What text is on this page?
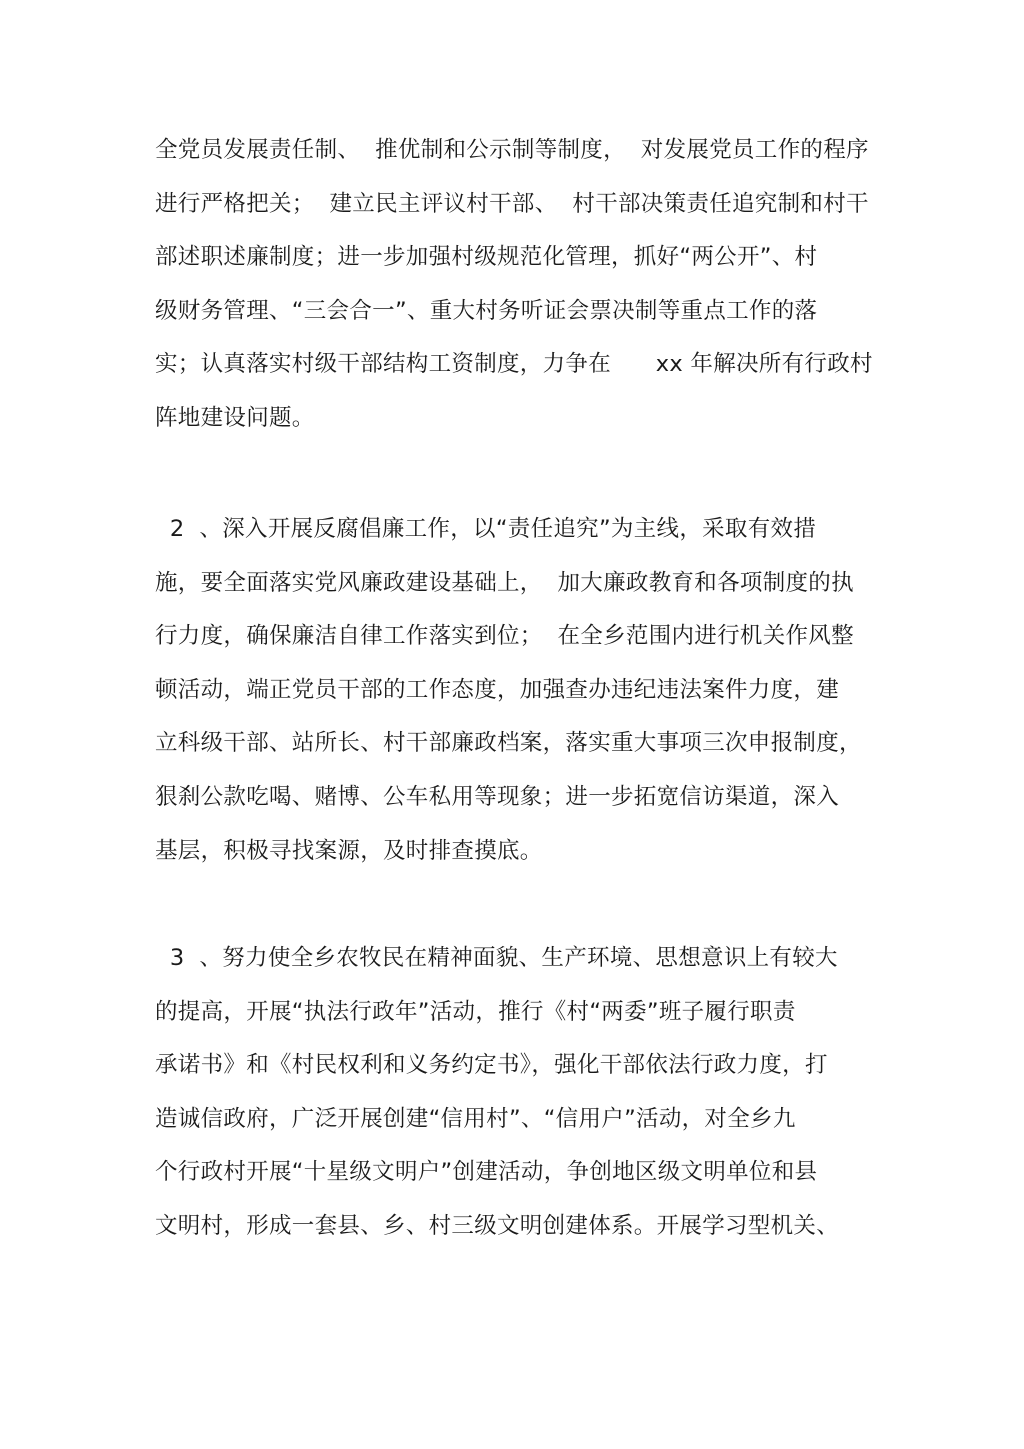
全党员发展责任制、  推优制和公示制等制度，  对发展党员工作的程序
进行严格把关；  建立民主评议村干部、  村干部决策责任追究制和村干
部述职述廉制度；进一步加强村级规范化管理，抓好“两公开”、村
级财务管理、“三会合一”、重大村务听证会票决制等重点工作的落
实；认真落实村级干部结构工资制度，力争在      xx 年解决所有行政村
阵地建设问题。
2  、深入开展反腐倡廉工作，以“责任追究”为主线，采取有效措
施，要全面落实党风廉政建设基础上，  加大廉政教育和各项制度的执
行力度，确保廉洁自律工作落实到位；  在全乡范围内进行机关作风整
顿活动，端正党员干部的工作态度，加强查办违纪违法案件力度，建
立科级干部、站所长、村干部廉政档案，落实重大事项三次申报制度，
狠刹公款吃喝、赌博、公车私用等现象；进一步拓宽信访渠道，深入
基层，积极寻找案源，及时排查摸底。
3  、努力使全乡农牧民在精神面貌、生产环境、思想意识上有较大
的提高，开展“执法行政年”活动，推行《村“两委”班子履行职责
承诺书》和《村民权利和义务约定书》，强化干部依法行政力度，打
造诚信政府，广泛开展创建“信用村”、“信用户”活动，对全乡九
个行政村开展“十星级文明户”创建活动，争创地区级文明单位和县
文明村，形成一套县、乡、村三级文明创建体系。开展学习型机关、
